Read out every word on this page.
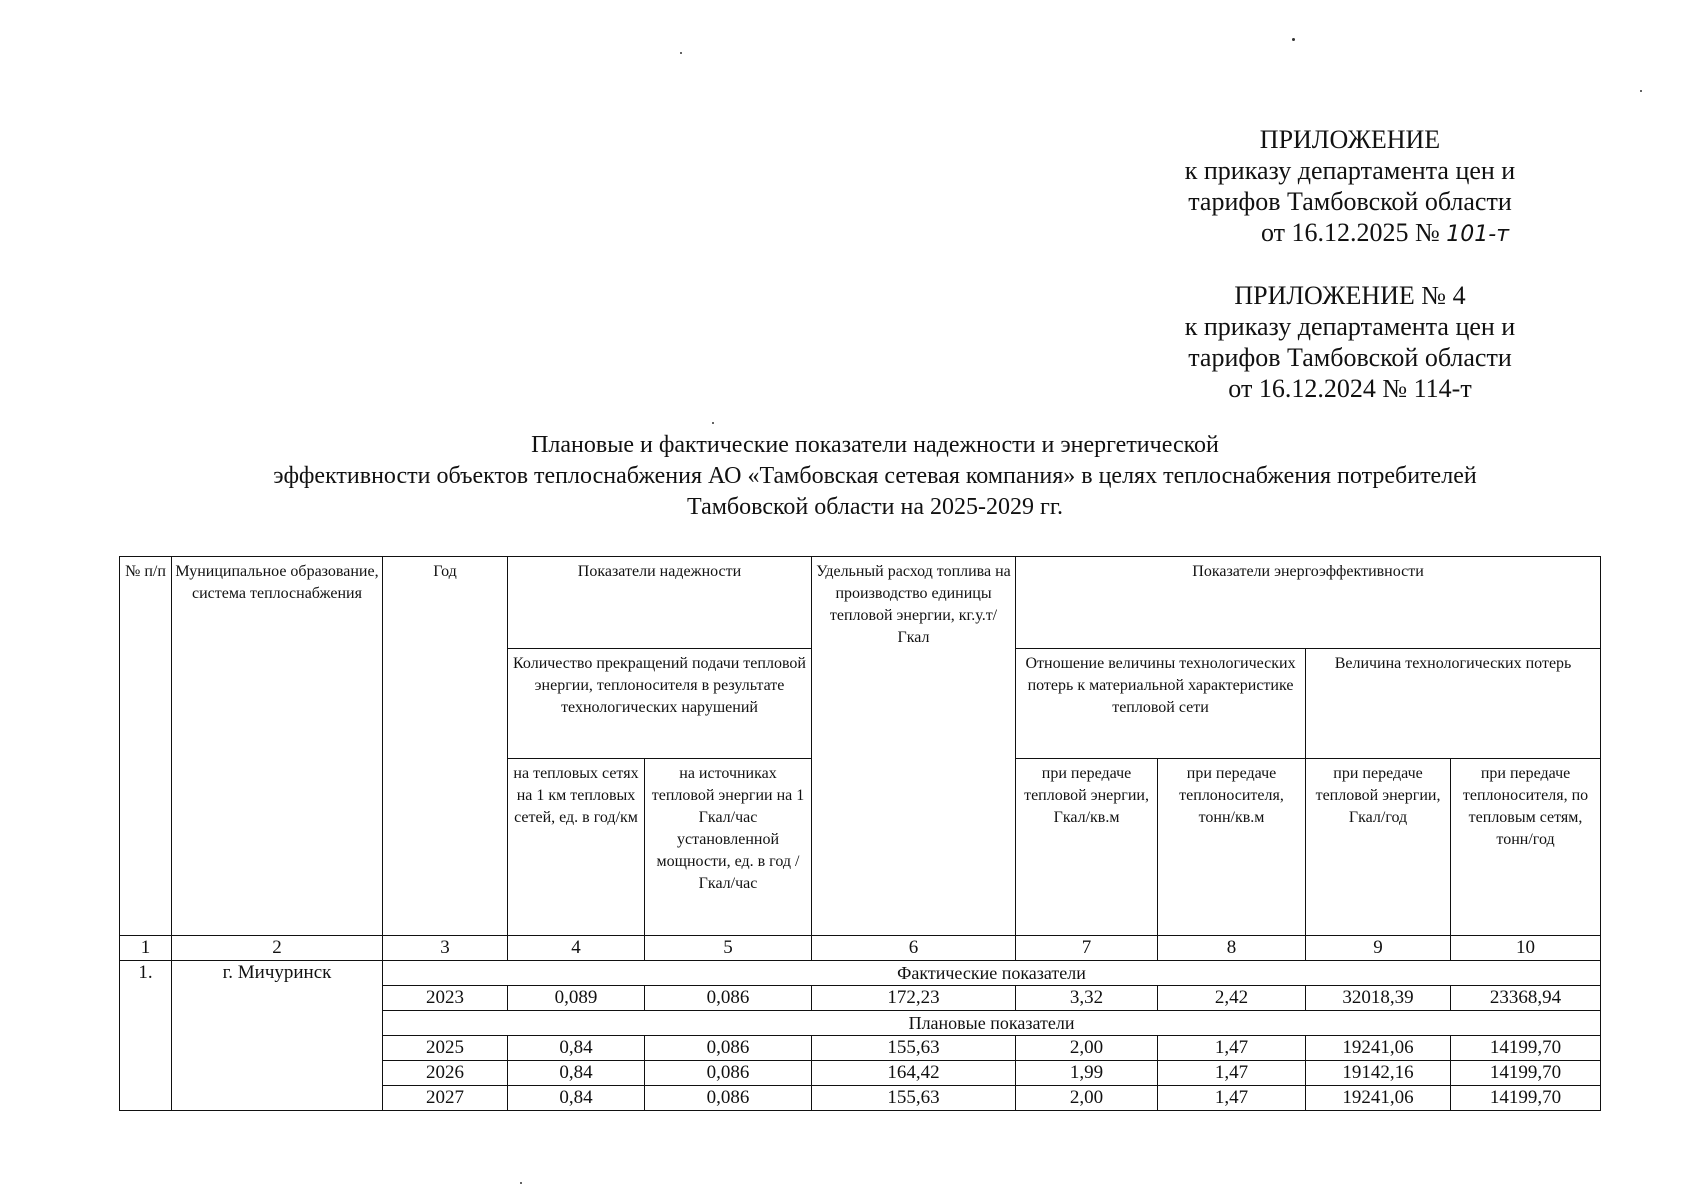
ПРИЛОЖЕНИЕ
к приказу департамента цен и
тарифов Тамбовской области
от 16.12.2025 № 101-т
ПРИЛОЖЕНИЕ № 4
к приказу департамента цен и
тарифов Тамбовской области
от 16.12.2024 № 114-т
Плановые и фактические показатели надежности и энергетической
эффективности объектов теплоснабжения АО «Тамбовская сетевая компания» в целях теплоснабжения потребителей
Тамбовской области на 2025-2029 гг.
№ п/п	Муниципальное образование, система теплоснабжения	Год	Показатели надежности		Удельный расход топлива на производство единицы тепловой энергии, кг.у.т/Гкал	Показатели энергоэффективности			
			Количество прекращений подачи тепловой энергии, теплоносителя в результате технологических нарушений			Отношение величины технологических потерь к материальной характеристике тепловой сети		Величина технологических потерь	
			на тепловых сетях на 1 км тепловых сетей, ед. в год/км	на источниках тепловой энергии на 1 Гкал/час установленной мощности, ед. в год /Гкал/час		при передаче тепловой энергии, Гкал/кв.м	при передаче теплоносителя, тонн/кв.м	при передаче тепловой энергии, Гкал/год	при передаче теплоносителя, по тепловым сетям, тонн/год
1	2	3	4	5	6	7	8	9	10
1.	г. Мичуринск	Фактические показатели							
		2023	0,089	0,086	172,23	3,32	2,42	32018,39	23368,94
		Плановые показатели							
		2025	0,84	0,086	155,63	2,00	1,47	19241,06	14199,70
		2026	0,84	0,086	164,42	1,99	1,47	19142,16	14199,70
		2027	0,84	0,086	155,63	2,00	1,47	19241,06	14199,70
